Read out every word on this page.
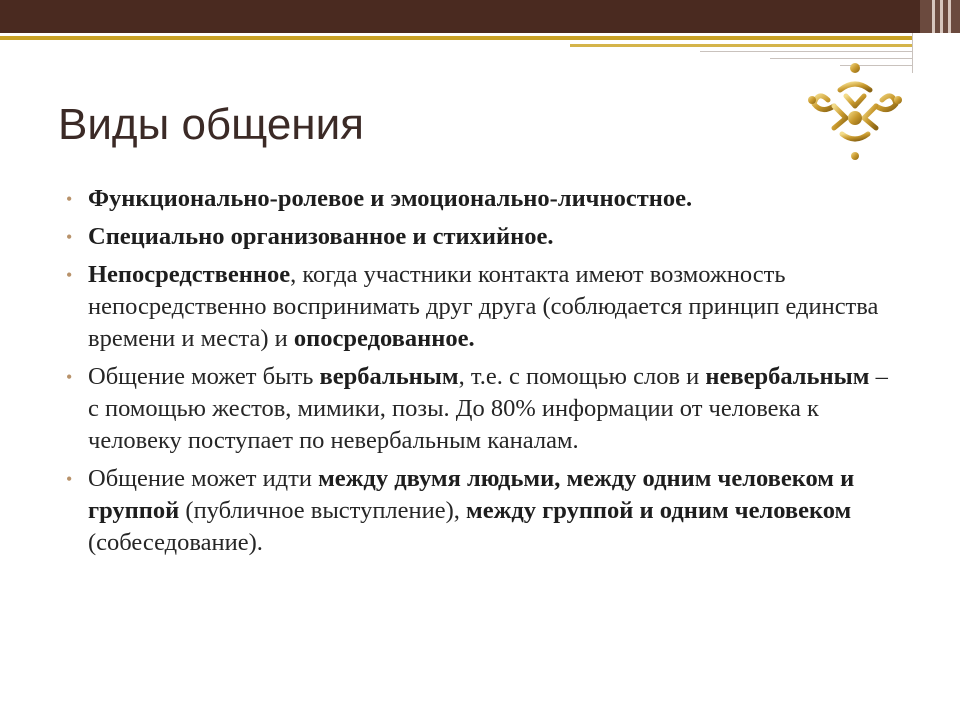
Виды общения
• Функционально-ролевое и эмоционально-личностное.
• Специально организованное и стихийное.
• Непосредственное, когда участники контакта имеют возможность непосредственно воспринимать друг друга (соблюдается принцип единства времени и места) и опосредованное.
• Общение может быть вербальным, т.е. с помощью слов и невербальным – с помощью жестов, мимики, позы. До 80% информации от человека к человеку поступает по невербальным каналам.
• Общение может идти между двумя людьми, между одним человеком и группой (публичное выступление), между группой и одним человеком (собеседование).
